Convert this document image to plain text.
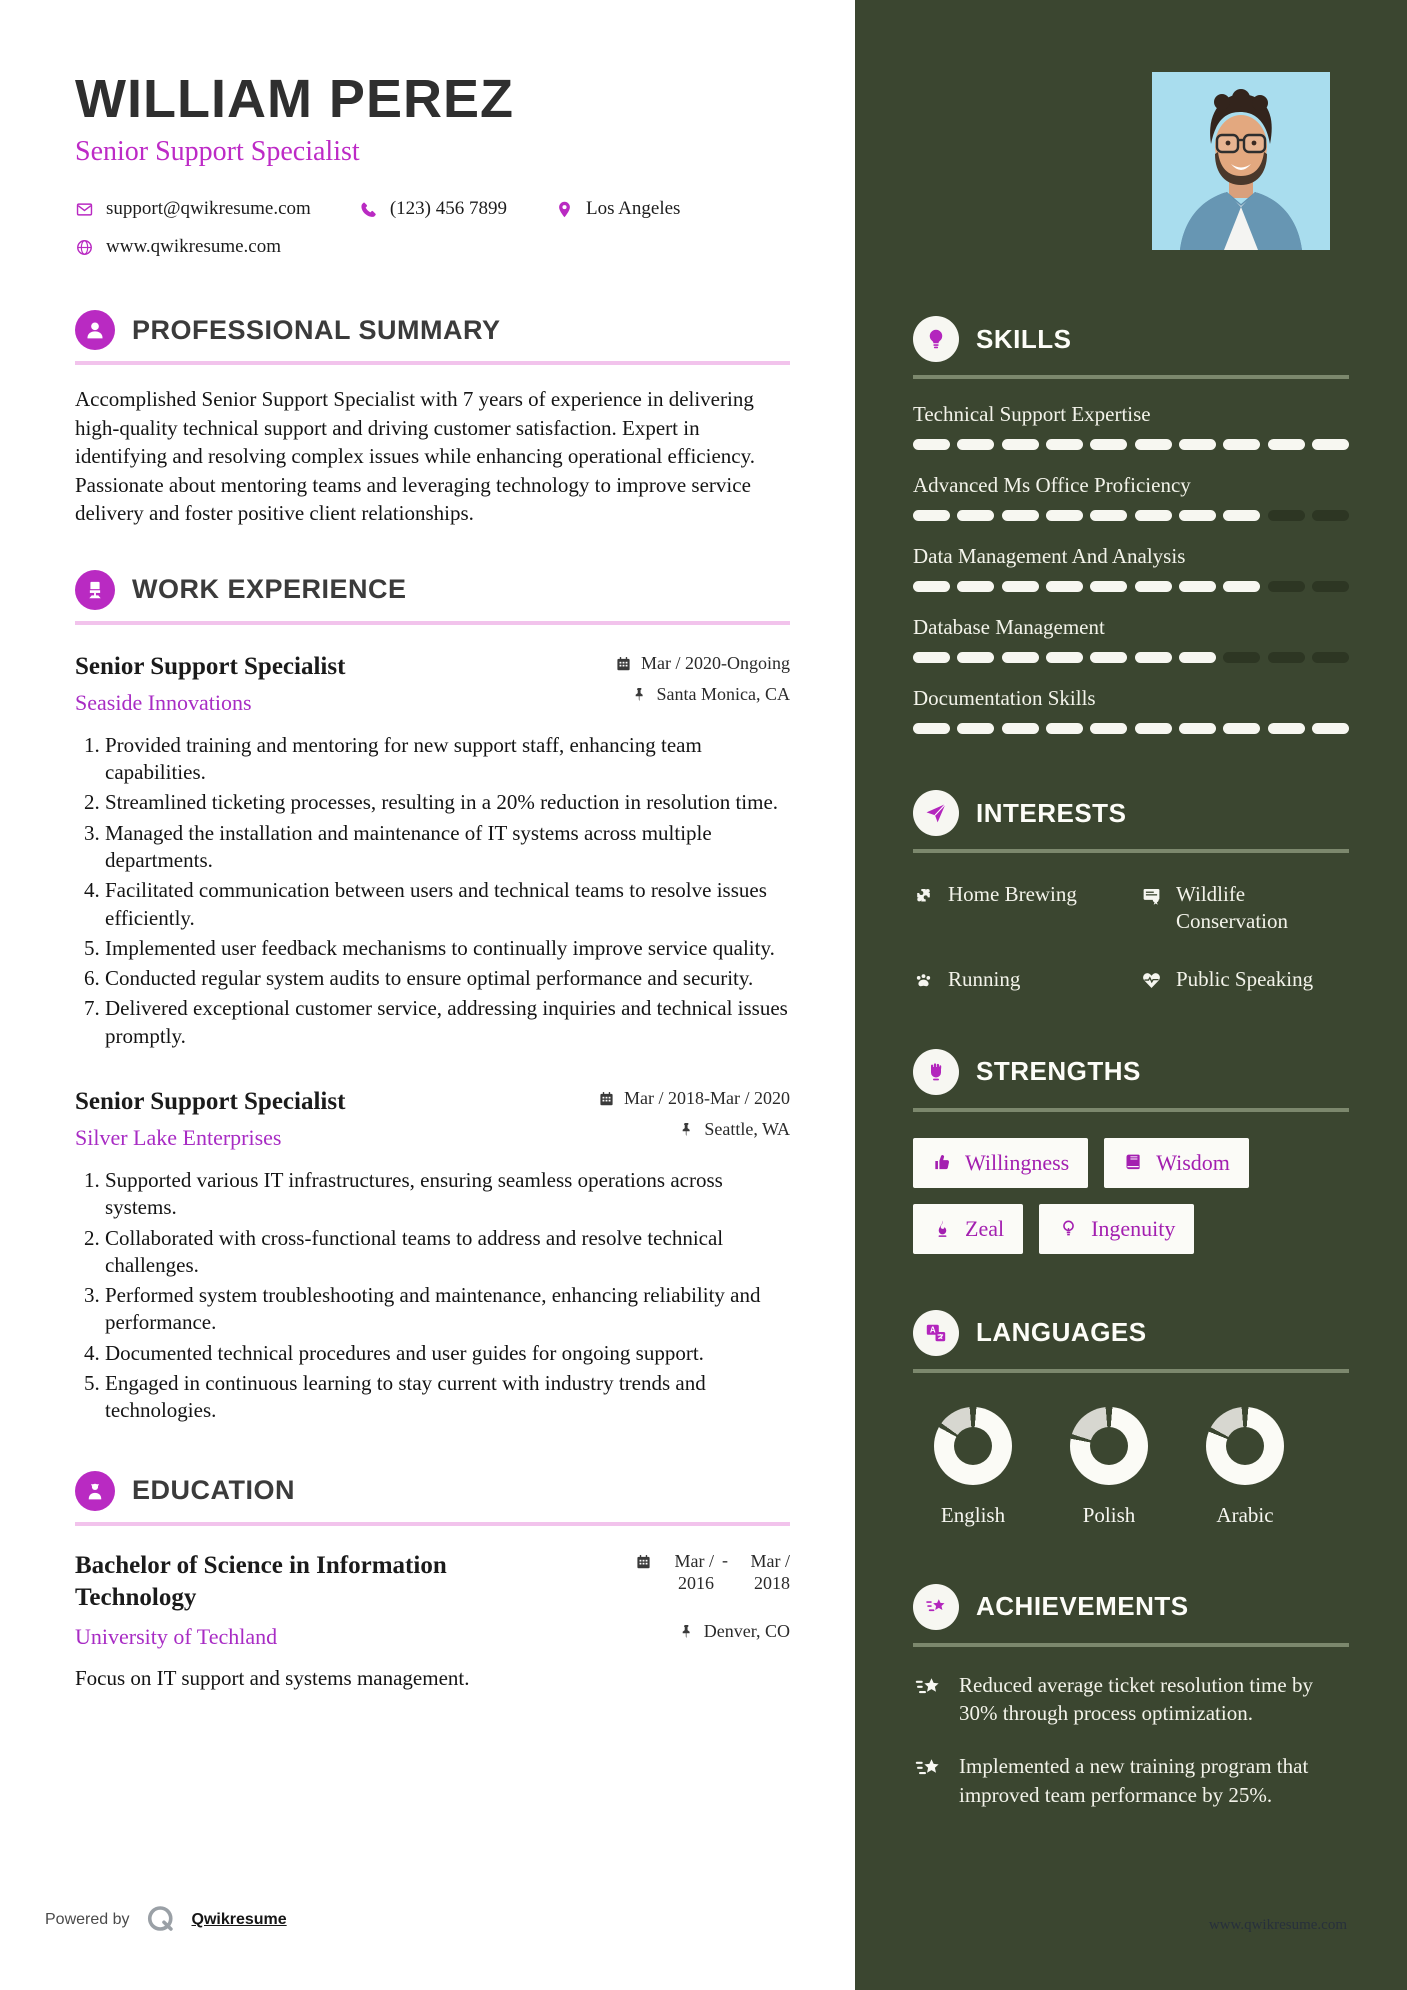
WILLIAM PEREZ
Senior Support Specialist
support@qwikresume.com	(123) 456 7899	Los Angeles
www.qwikresume.com
PROFESSIONAL SUMMARY

Accomplished Senior Support Specialist with 7 years of experience in delivering high-quality technical support and driving customer satisfaction. Expert in identifying and resolving complex issues while enhancing operational efficiency. Passionate about mentoring teams and leveraging technology to improve service delivery and foster positive client relationships.

WORK EXPERIENCE
Senior Support Specialist
Seaside Innovations
Mar / 2020-Ongoing
Santa Monica, CA
1. Provided training and mentoring for new support staff, enhancing team capabilities.
2. Streamlined ticketing processes, resulting in a 20% reduction in resolution time.
3. Managed the installation and maintenance of IT systems across multiple departments.
4. Facilitated communication between users and technical teams to resolve issues efficiently.
5. Implemented user feedback mechanisms to continually improve service quality.
6. Conducted regular system audits to ensure optimal performance and security.
7. Delivered exceptional customer service, addressing inquiries and technical issues promptly.
Senior Support Specialist
Silver Lake Enterprises
Mar / 2018-Mar / 2020
Seattle, WA
1. Supported various IT infrastructures, ensuring seamless operations across systems.
2. Collaborated with cross-functional teams to address and resolve technical challenges.
3. Performed system troubleshooting and maintenance, enhancing reliability and performance.
4. Documented technical procedures and user guides for ongoing support.
5. Engaged in continuous learning to stay current with industry trends and technologies.
EDUCATION
Bachelor of Science in Information Technology
University of Techland
Mar / 2016
-	Mar / 2018
Denver, CO
Focus on IT support and systems management.
Powered by	Qwikresume
SKILLS
Technical Support Expertise
Advanced Ms Office Proficiency
Data Management And Analysis
Database Management
Documentation Skills
INTERESTS
Home Brewing	Wildlife Conservation
Running	Public Speaking
STRENGTHS
Willingness	Wisdom
Zeal	Ingenuity
A LANGUAGES
English	Polish	Arabic
ACHIEVEMENTS
Reduced average ticket resolution time by 30% through process optimization.
Implemented a new training program that improved team performance by 25%.
www.qwikresume.com
